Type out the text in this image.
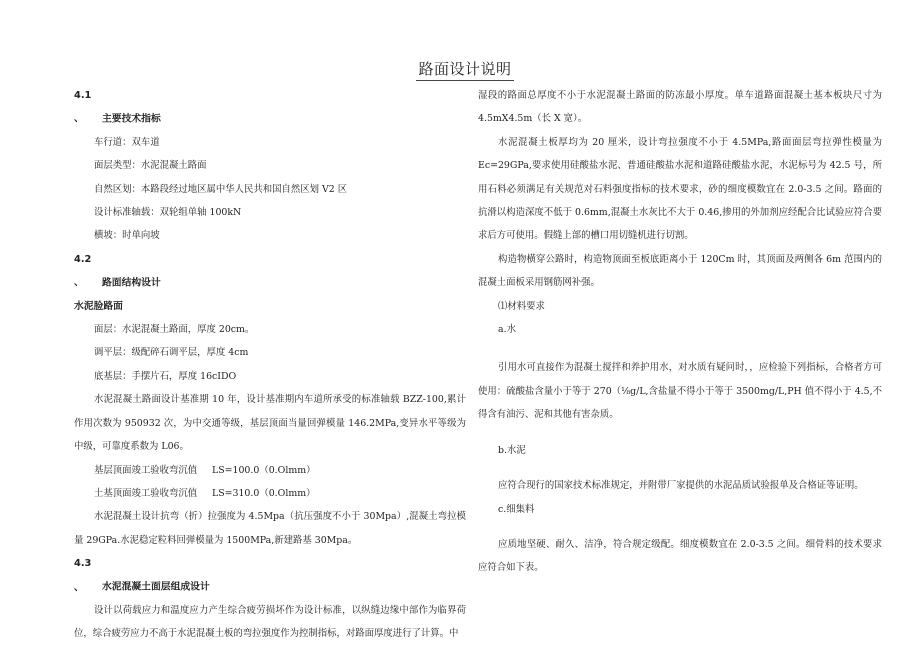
路面设计说明

4.1 、 主要技术指标

车行道：双车道

面层类型：水泥混凝土路面

自然区划：本路段经过地区属中华人民共和国自然区划 V2 区

设计标准轴载：双轮组单轴 100kN

横坡：时单向坡

4.2 、 路面结构设计

水泥脸路面

面层：水泥混凝土路面，厚度 20cm。

调平层：级配碎石调平层，厚度 4cm

底基层：手摆片石，厚度 16cIDO

水泥混凝土路面设计基准期 10 年，设计基准期内车道所承受的标准轴载 BZZ-100,累计作用次数为 950932 次，为中交通等级，基层顶面当量回弹模量 146.2MPa,变异水平等级为中级，可靠度系数为 L06。

基层顶面竣工验收弯沉值 LS=100.0（0.Olmm）

土基顶面竣工验收弯沉值 LS=310.0（0.Olmm）

水泥混凝土设计抗弯（折）拉强度为 4.5Mpa（抗压强度不小于 30Mpa）,混凝土弯拉模量 29GPa.水泥稳定粒料回弹模量为 1500MPa,新建路基 30Mpa。

4.3 、 水泥混凝土面层组成设计

设计以荷载应力和温度应力产生综合疲劳损坏作为设计标准，以纵缝边缘中部作为临界荷位，综合疲劳应力不高于水泥混凝土板的弯拉强度作为控制指标，对路面厚度进行了计算。中

湿段的路面总厚度不小于水泥混凝土路面的防冻最小厚度。单车道路面混凝土基本板块尺寸为 4.5mX4.5m（长 X 宽）。

水泥混凝土板厚均为 20 厘米，设计弯拉强度不小于 4.5MPa,路面面层弯拉弹性模量为 Ec=29GPa,要求使用硅酸盐水泥、普通硅酸盐水泥和道路硅酸盐水泥，水泥标号为 42.5 号，所用石料必须满足有关规范对石料强度指标的技术要求，砂的细度模数宜在 2.0-3.5 之间。路面的抗滑以构造深度不低于 0.6mm,混凝土水灰比不大于 0.46,掺用的外加剂应经配合比试验应符合要求后方可使用。假缝上部的槽口用切缝机进行切割。

构造物横穿公路时，构造物顶面至板底距离小于 120Cm 时，其顶面及两侧各 6m 范围内的混凝土面板采用钢筋网补强。

⑴材料要求

a.水

引用水可直接作为混凝土搅拌和养护用水，对水质有疑问时，，应检验下列指标，合格者方可使用：硫酸盐含量小于等于 270（⅛g/L,含盐量不得小于等于 3500mg/L,PH 值不得小于 4.5,不得含有油污、泥和其他有害杂质。

b.水泥

应符合现行的国家技术标准规定，并附带厂家提供的水泥品质试验报单及合格证等证明。

c.细集料

应质地坚硬、耐久、洁净，符合规定级配。细度模数宜在 2.0-3.5 之间。细骨料的技术要求应符合如下表。
